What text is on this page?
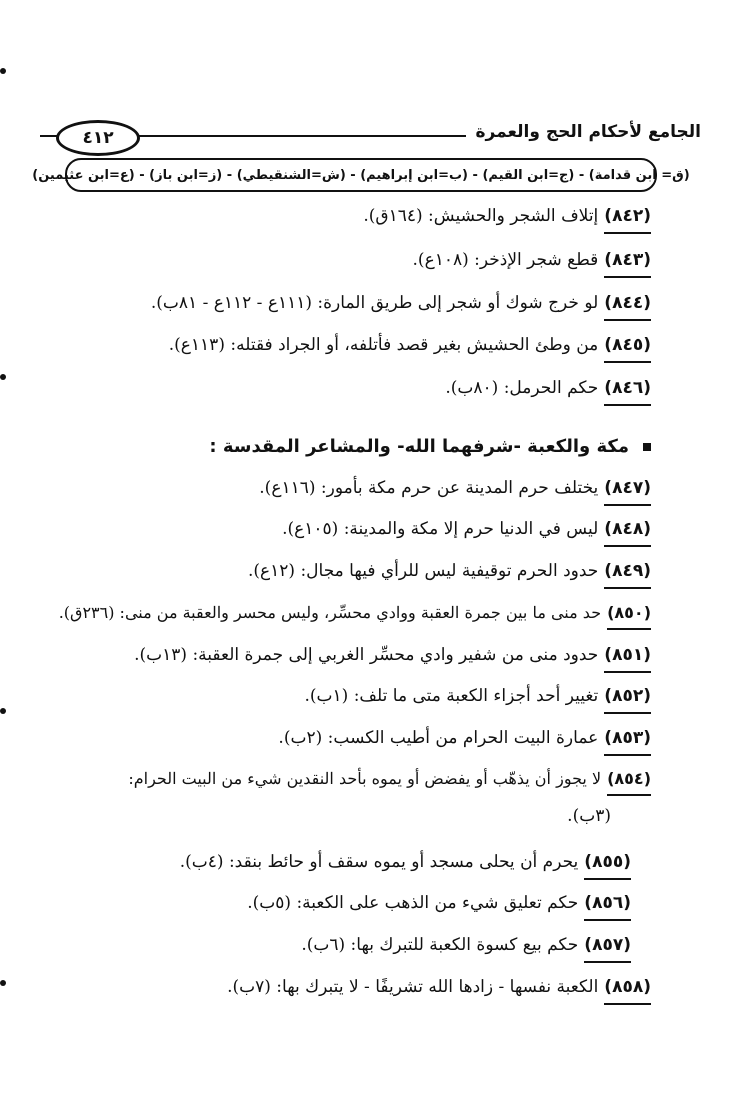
الجامع لأحكام الحج والعمرة
٤١٢
(ق= ابن قدامة) - (ج=ابن القيم) - (ب=ابن إبراهيم) - (ش=الشنقيطي) - (ز=ابن باز) - (ع=ابن عثيمين)
(٨٤٢)إتلاف الشجر والحشيش: (١٦٤ق).
(٨٤٣)قطع شجر الإذخر: (١٠٨ع).
(٨٤٤)لو خرج شوك أو شجر إلى طريق المارة: (١١١ع - ١١٢ع - ٨١ب).
(٨٤٥)من وطئ الحشيش بغير قصد فأتلفه، أو الجراد فقتله: (١١٣ع).
(٨٤٦)حكم الحرمل: (٨٠ب).
مكة والكعبة -شرفهما الله- والمشاعر المقدسة :
(٨٤٧)يختلف حرم المدينة عن حرم مكة بأمور: (١١٦ع).
(٨٤٨)ليس في الدنيا حرم إلا مكة والمدينة: (١٠٥ع).
(٨٤٩)حدود الحرم توقيفية ليس للرأي فيها مجال: (١٢ع).
(٨٥٠)حد منى ما بين جمرة العقبة ووادي محسِّر، وليس محسر والعقبة من منى: (٢٣٦ق).
(٨٥١)حدود منى من شفير وادي محسِّر الغربي إلى جمرة العقبة: (١٣ب).
(٨٥٢)تغيير أحد أجزاء الكعبة متى ما تلف: (١ب).
(٨٥٣)عمارة البيت الحرام من أطيب الكسب: (٢ب).
(٨٥٤)لا يجوز أن يذهّب أو يفضض أو يموه بأحد النقدين شيء من البيت الحرام:
(٣ب).
(٨٥٥)يحرم أن يحلى مسجد أو يموه سقف أو حائط بنقد: (٤ب).
(٨٥٦)حكم تعليق شيء من الذهب على الكعبة: (٥ب).
(٨٥٧)حكم بيع كسوة الكعبة للتبرك بها: (٦ب).
(٨٥٨)الكعبة نفسها - زادها الله تشريفًا - لا يتبرك بها: (٧ب).
